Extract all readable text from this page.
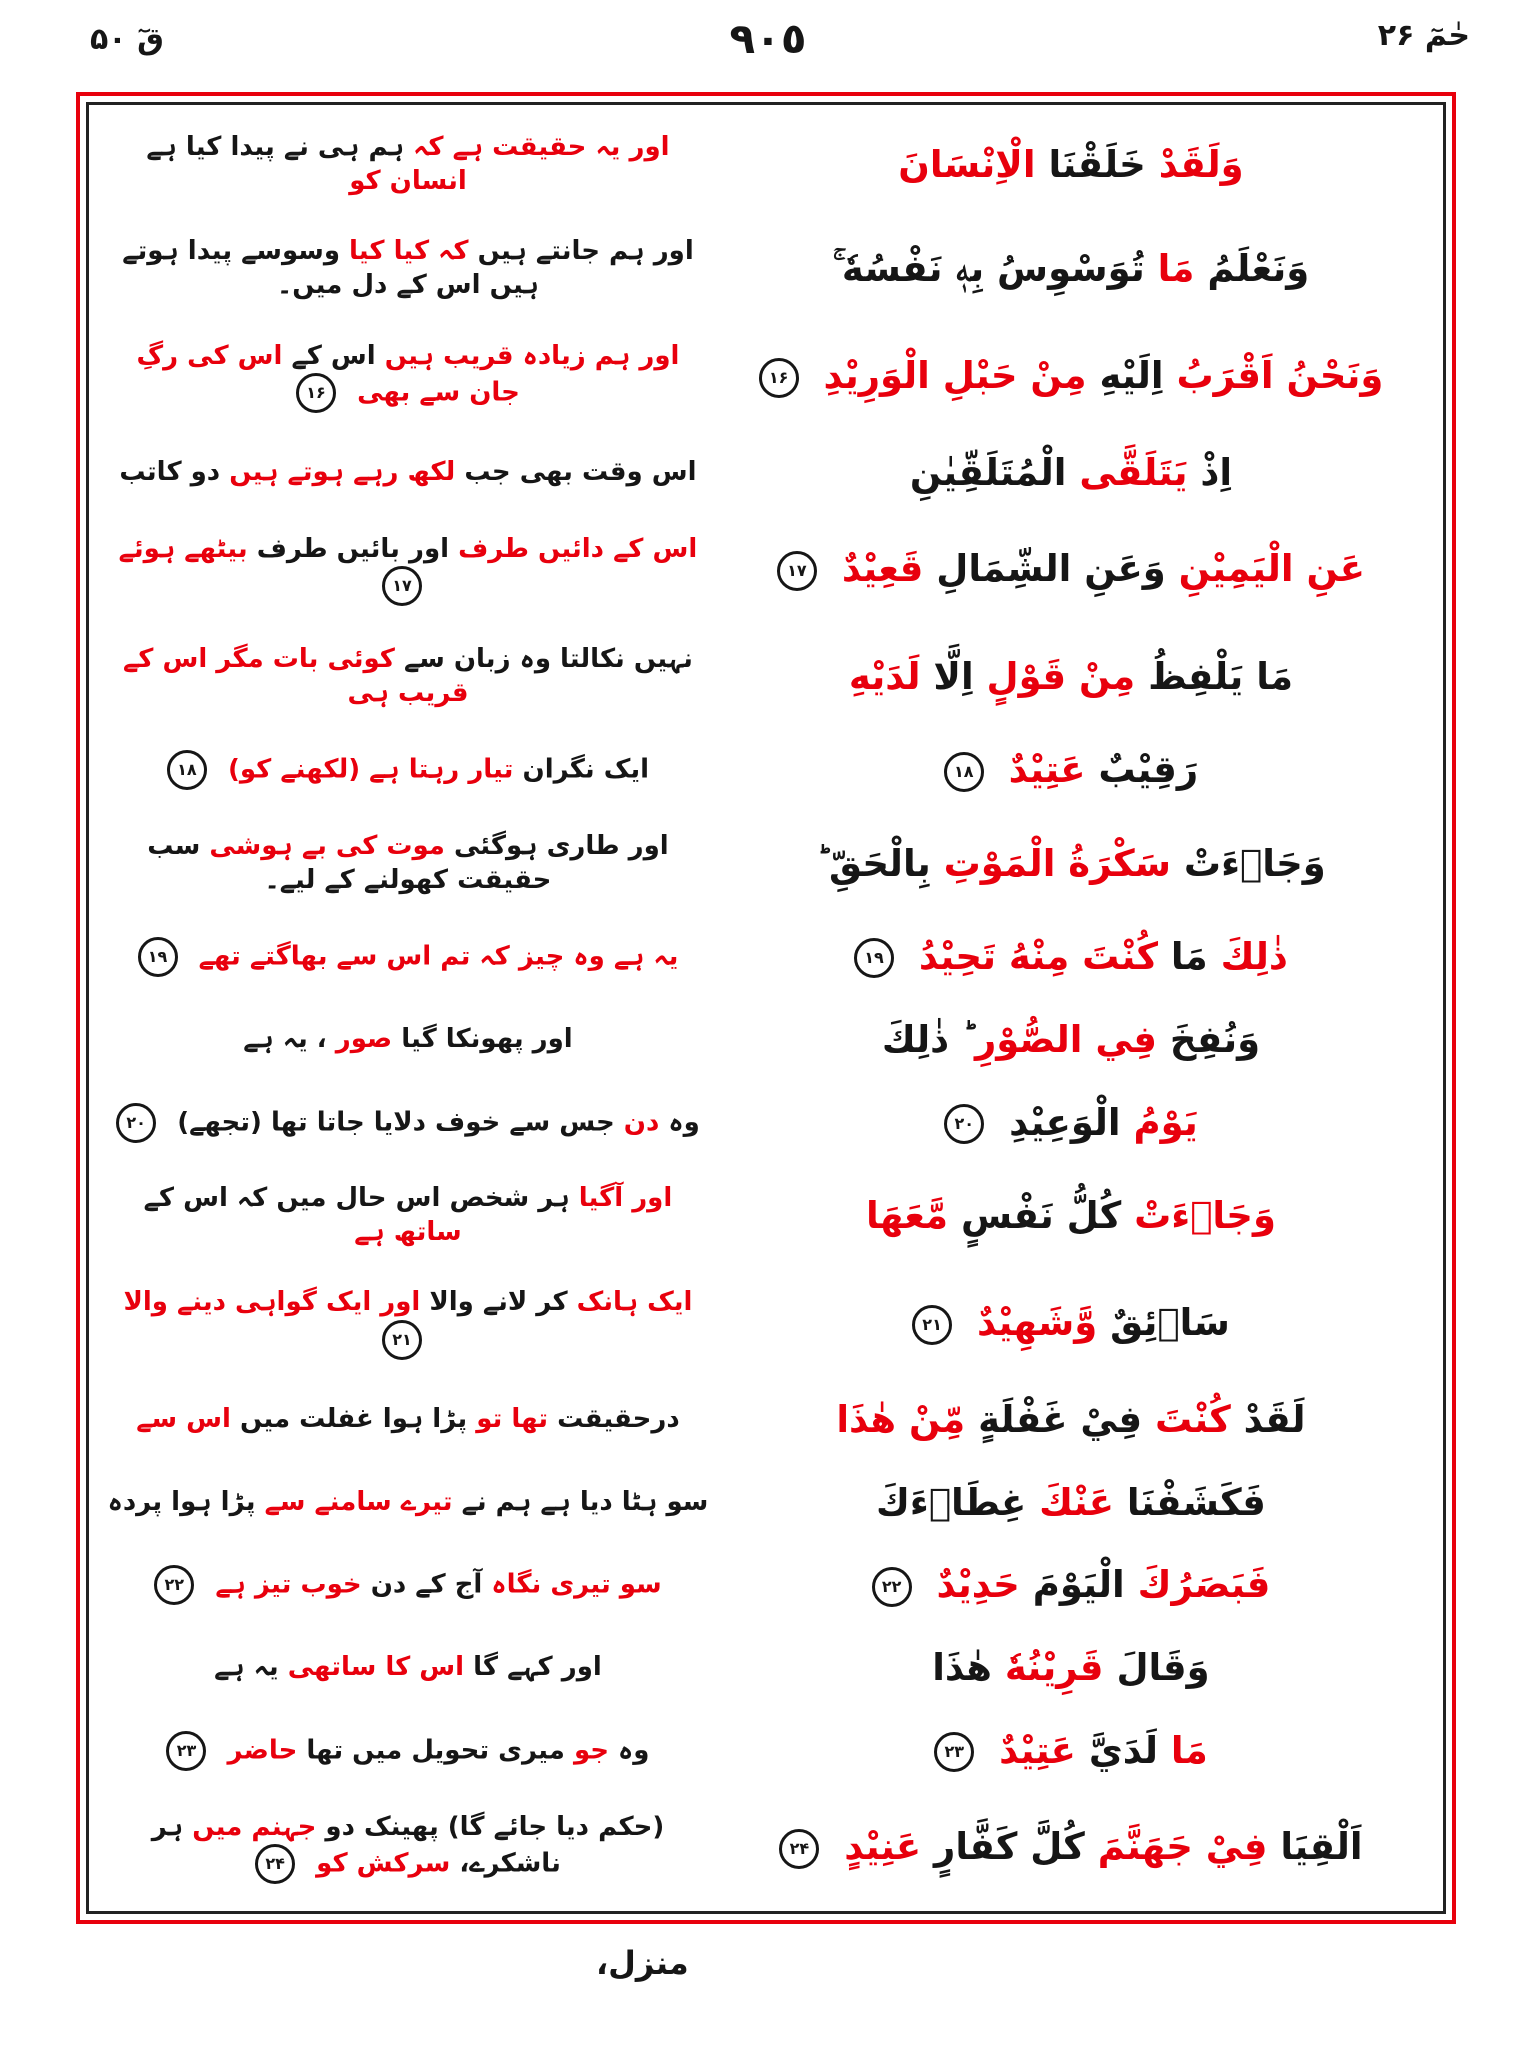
قٓ ۵۰	٩٠٥	حٰمٓ ۲۶
اور یہ حقیقت ہے کہ ہم ہی نے پیدا کیا ہے انسان کو	وَلَقَدْ خَلَقْنَا الْاِنْسَانَ
اور ہم جانتے ہیں کہ کیا کیا وسوسے پیدا ہوتے ہیں اس کے دل میں۔	وَنَعْلَمُ مَا تُوَسْوِسُ بِهٖ نَفْسُهٗ ۚ
اور ہم زیادہ قریب ہیں اس کے اس کی رگِ جان سے بھی ۱۶	وَنَحْنُ اَقْرَبُ اِلَيْهِ مِنْ حَبْلِ الْوَرِيْدِ ۱۶
اس وقت بھی جب لکھ رہے ہوتے ہیں دو کاتب	اِذْ يَتَلَقَّى الْمُتَلَقِّيٰنِ
اس کے دائیں طرف اور بائیں طرف بیٹھے ہوئے ۱۷	عَنِ الْيَمِيْنِ وَعَنِ الشِّمَالِ قَعِيْدٌ ۱۷
نہیں نکالتا وہ زبان سے کوئی بات مگر اس کے قریب ہی	مَا يَلْفِظُ مِنْ قَوْلٍ اِلَّا لَدَيْهِ
ایک نگران تیار رہتا ہے (لکھنے کو) ۱۸	رَقِيْبٌ عَتِيْدٌ ۱۸
اور طاری ہوگئی موت کی بے ہوشی سب حقیقت کھولنے کے لیے۔	وَجَاۤءَتْ سَكْرَةُ الْمَوْتِ بِالْحَقِّ ؕ
یہ ہے وہ چیز کہ تم اس سے بھاگتے تھے ۱۹	ذٰلِكَ مَا كُنْتَ مِنْهُ تَحِيْدُ ۱۹
اور پھونکا گیا صور ، یہ ہے	وَنُفِخَ فِي الصُّوْرِ ؕ ذٰلِكَ
وہ دن جس سے خوف دلایا جاتا تھا (تجھے) ۲۰	يَوْمُ الْوَعِيْدِ ۲۰
اور آگیا ہر شخص اس حال میں کہ اس کے ساتھ ہے	وَجَاۤءَتْ كُلُّ نَفْسٍ مَّعَهَا
ایک ہانک کر لانے والا اور ایک گواہی دینے والا ۲۱	سَاۤئِقٌ وَّشَهِيْدٌ ۲۱
درحقیقت تھا تو پڑا ہوا غفلت میں اس سے	لَقَدْ كُنْتَ فِيْ غَفْلَةٍ مِّنْ هٰذَا
سو ہٹا دیا ہے ہم نے تیرے سامنے سے پڑا ہوا پردہ	فَكَشَفْنَا عَنْكَ غِطَاۤءَكَ
سو تیری نگاہ آج کے دن خوب تیز ہے ۲۲	فَبَصَرُكَ الْيَوْمَ حَدِيْدٌ ۲۲
اور کہے گا اس کا ساتھی یہ ہے	وَقَالَ قَرِيْنُهٗ هٰذَا
وہ جو میری تحویل میں تھا حاضر ۲۳	مَا لَدَيَّ عَتِيْدٌ ۲۳
(حکم دیا جائے گا) پھینک دو جہنم میں ہر ناشکرے، سرکش کو ۲۴	اَلْقِيَا فِيْ جَهَنَّمَ كُلَّ كَفَّارٍ عَنِيْدٍ ۲۴
منزل،
